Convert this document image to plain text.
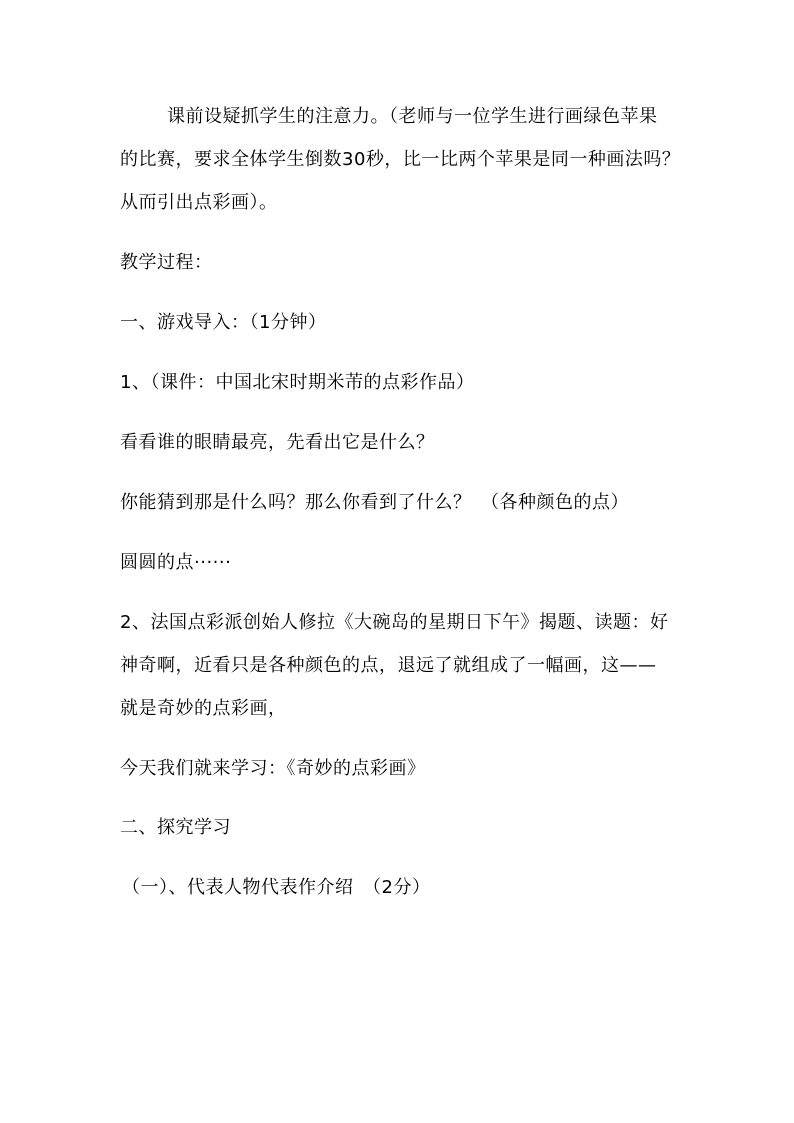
课前设疑抓学生的注意力。（老师与一位学生进行画绿色苹果
的比赛，要求全体学生倒数30秒，比一比两个苹果是同一种画法吗？
从而引出点彩画）。
教学过程：
一、游戏导入：（1分钟）
1、（课件：中国北宋时期米芾的点彩作品）
看看谁的眼睛最亮，先看出它是什么？
你能猜到那是什么吗？那么你看到了什么？　（各种颜色的点）
圆圆的点······
2、法国点彩派创始人修拉《大碗岛的星期日下午》揭题、读题：好
神奇啊，近看只是各种颜色的点，退远了就组成了一幅画，这——
就是奇妙的点彩画，
今天我们就来学习：《奇妙的点彩画》
二、探究学习
（一）、代表人物代表作介绍　（2分）
